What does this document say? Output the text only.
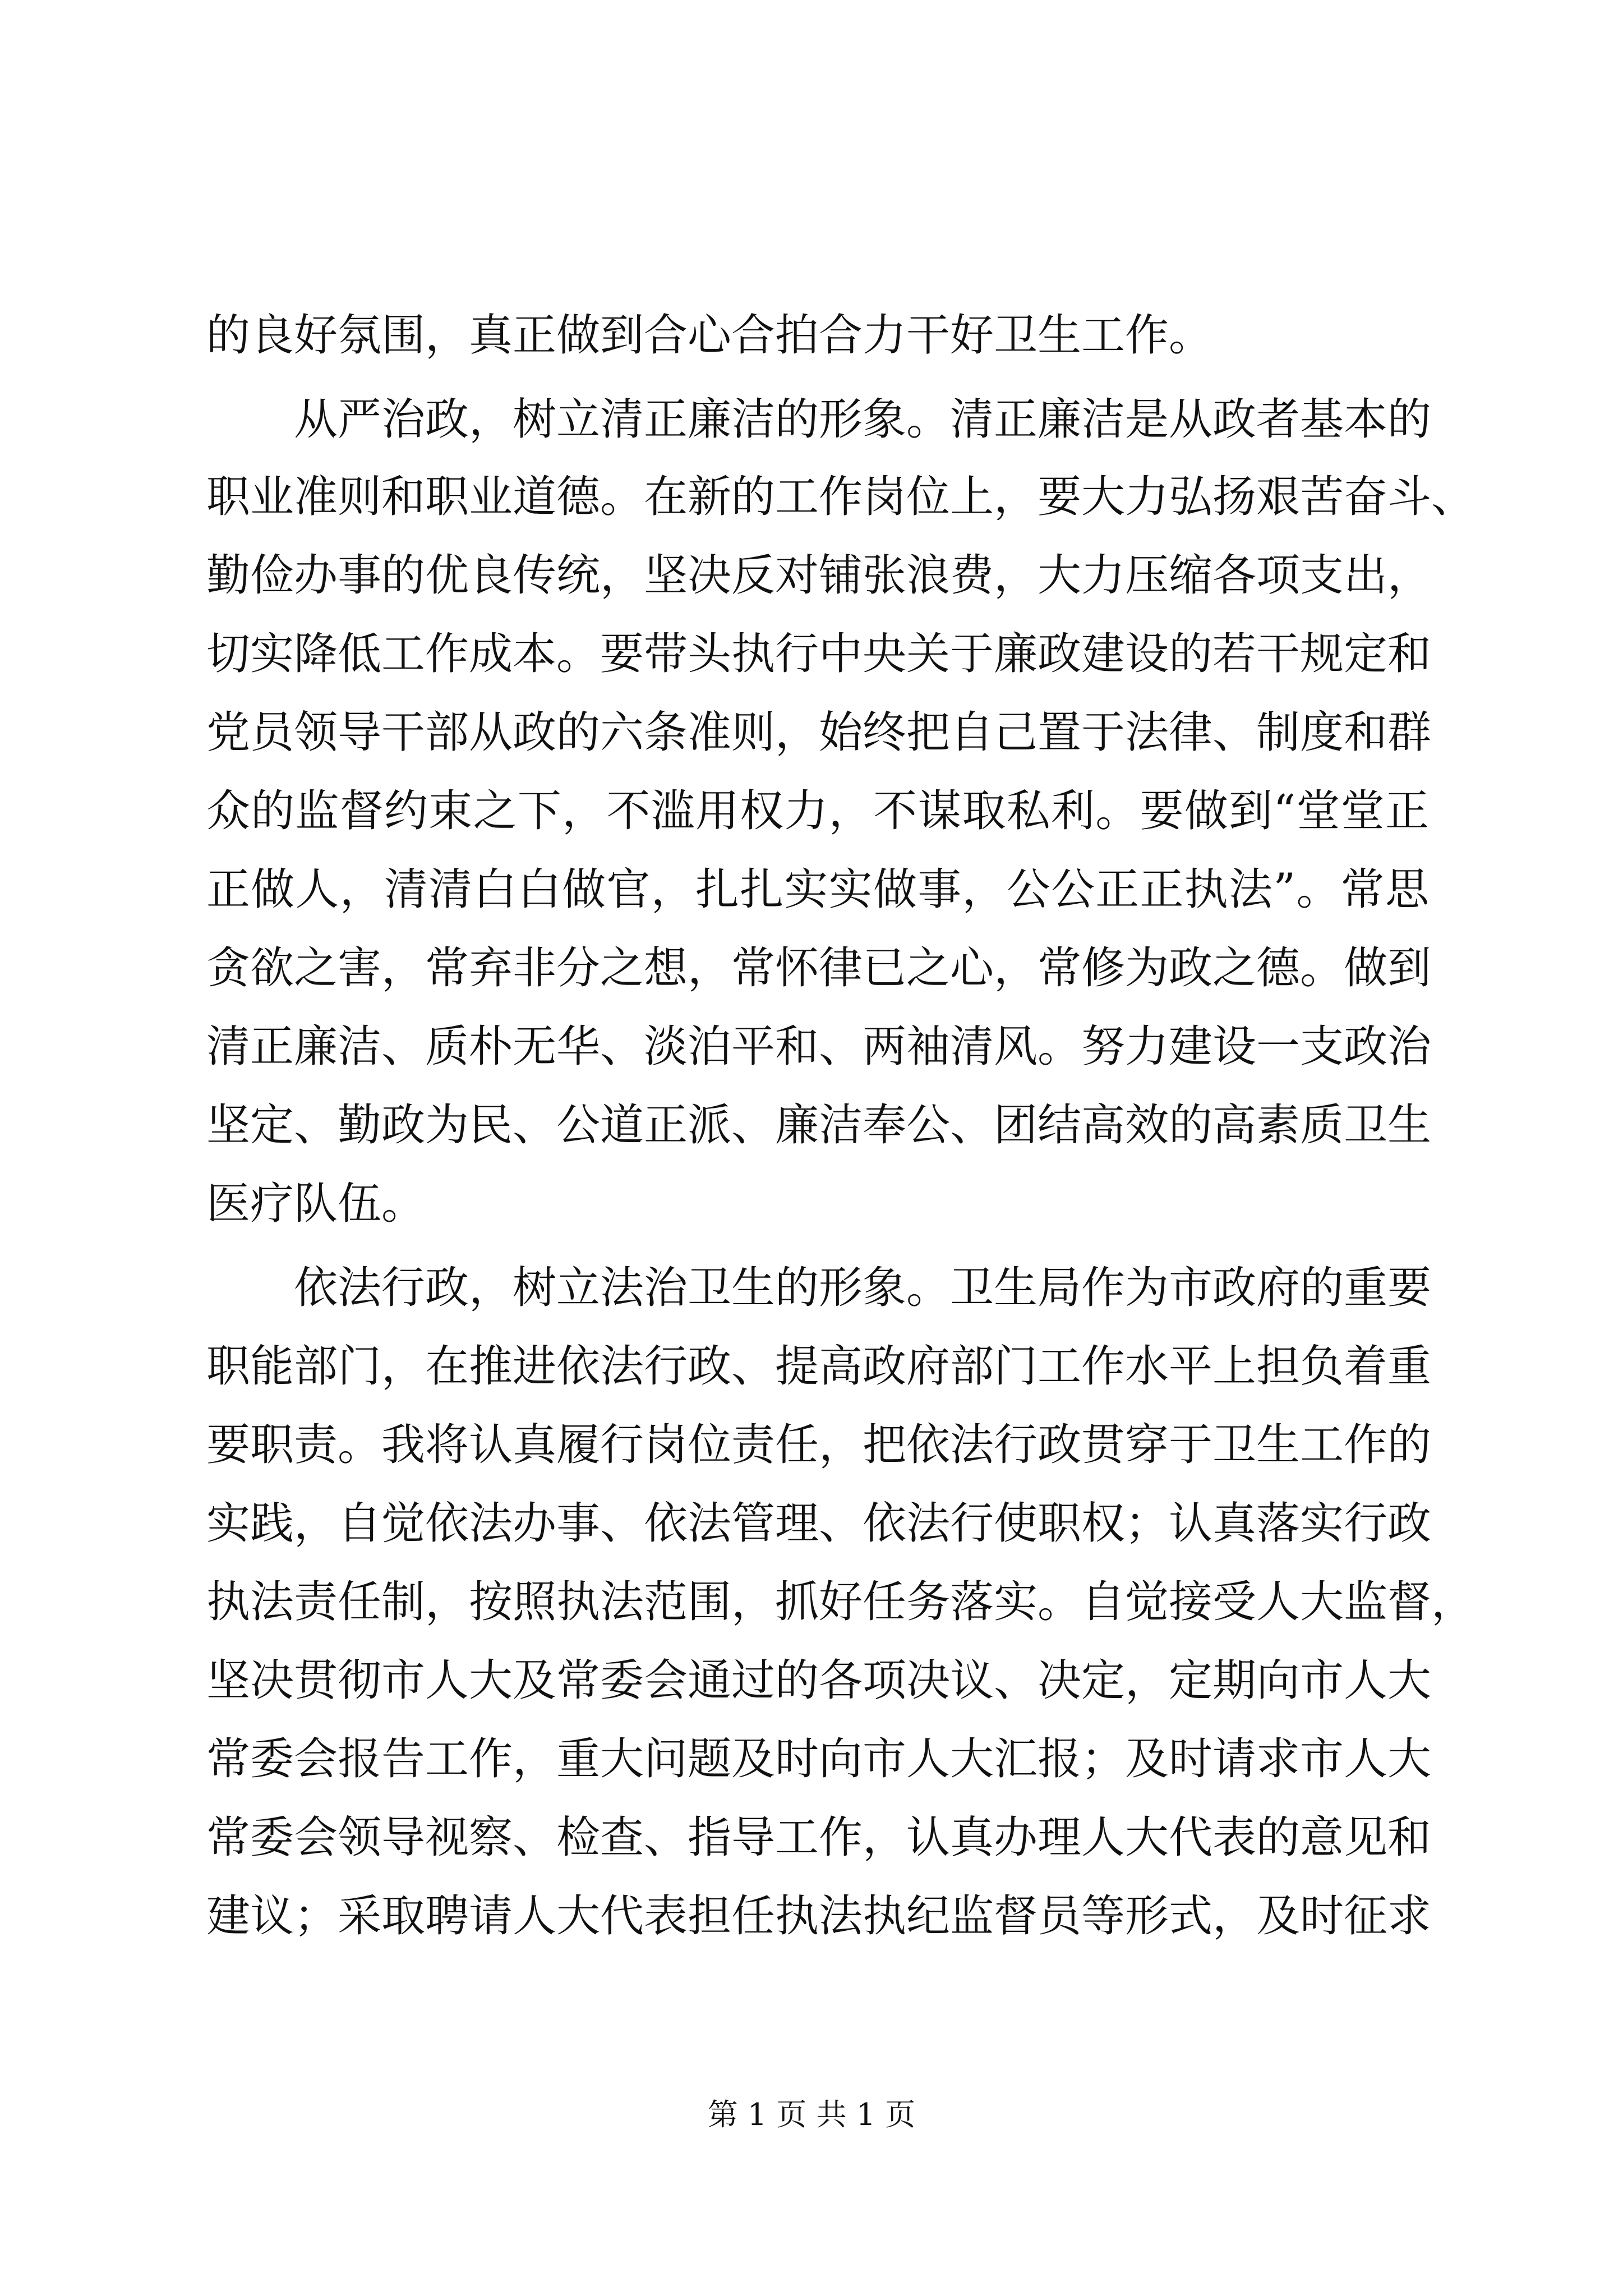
的良好氛围，真正做到合心合拍合力干好卫生工作。
从严治政，树立清正廉洁的形象。清正廉洁是从政者基本的
职业准则和职业道德。在新的工作岗位上，要大力弘扬艰苦奋斗、
勤俭办事的优良传统，坚决反对铺张浪费，大力压缩各项支出，
切实降低工作成本。要带头执行中央关于廉政建设的若干规定和
党员领导干部从政的六条准则，始终把自己置于法律、制度和群
众的监督约束之下，不滥用权力，不谋取私利。要做到“堂堂正
正做人，清清白白做官，扎扎实实做事，公公正正执法”。常思
贪欲之害，常弃非分之想，常怀律已之心，常修为政之德。做到
清正廉洁、质朴无华、淡泊平和、两袖清风。努力建设一支政治
坚定、勤政为民、公道正派、廉洁奉公、团结高效的高素质卫生
医疗队伍。
依法行政，树立法治卫生的形象。卫生局作为市政府的重要
职能部门，在推进依法行政、提高政府部门工作水平上担负着重
要职责。我将认真履行岗位责任，把依法行政贯穿于卫生工作的
实践，自觉依法办事、依法管理、依法行使职权；认真落实行政
执法责任制，按照执法范围，抓好任务落实。自觉接受人大监督，
坚决贯彻市人大及常委会通过的各项决议、决定，定期向市人大
常委会报告工作，重大问题及时向市人大汇报；及时请求市人大
常委会领导视察、检查、指导工作，认真办理人大代表的意见和
建议；采取聘请人大代表担任执法执纪监督员等形式，及时征求
第 1 页 共 1 页
